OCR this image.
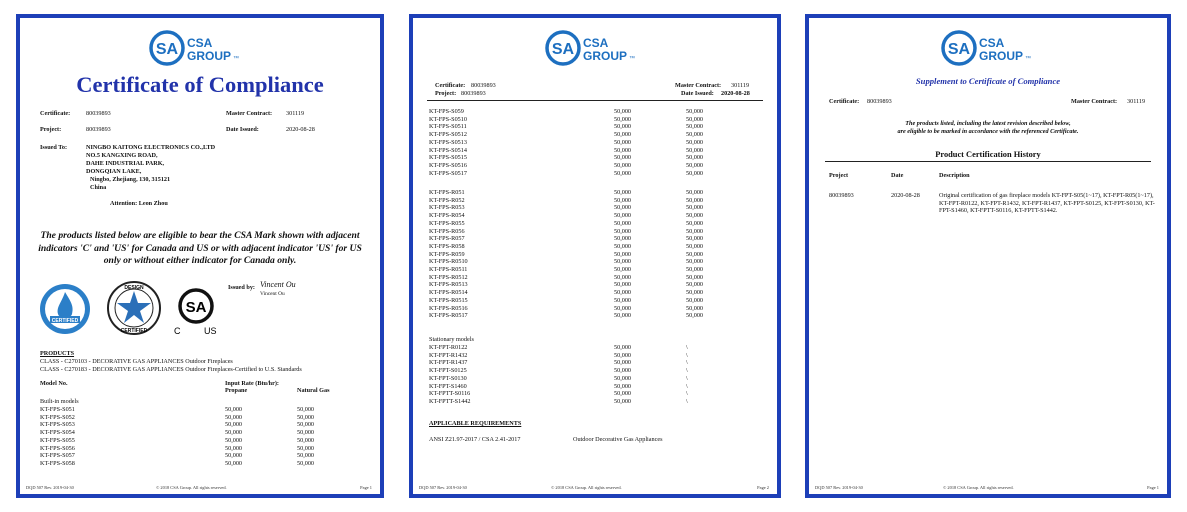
SA CSA
GROUP ™
Certificate of Compliance
Certificate:	80039893	Master Contract: 301119
Project:	80039893	Date Issued:	2020-08-28
Issued To:	NINGBO KAITONG ELECTRONICS CO.,LTD
NO.5 KANGXING ROAD,
DAHE INDUSTRIAL PARK,
DONGQIAN LAKE,
Ningbo, Zhejiang, 130, 315121
China
Attention: Leon Zhou
The products listed below are eligible to bear the CSA Mark shown with adjacent indicators 'C' and 'US' for Canada and US or with adjacent indicator 'US' for US only or without either indicator for Canada only.
CERTIFIED
DESIGN
CERTIFIED
SA
C	US
Issued by: Vincent Ou
Vincent Ou
PRODUCTS
CLASS - C270103 - DECORATIVE GAS APPLIANCES Outdoor Fireplaces
CLASS - C270183 - DECORATIVE GAS APPLIANCES Outdoor Fireplaces-Certified to U.S. Standards
Model No.	Input Rate (Btu/hr):
Propane	Natural Gas
Built-in models
KT-FPS-S051	50,000	50,000
KT-FPS-S052	50,000	50,000
KT-FPS-S053	50,000	50,000
KT-FPS-S054	50,000	50,000
KT-FPS-S055	50,000	50,000
KT-FPS-S056	50,000	50,000
KT-FPS-S057	50,000	50,000
KT-FPS-S058	50,000	50,000
DQD 507 Rev. 2019-04-30	© 2018 CSA Group. All rights reserved.	Page 1
SA CSA
GROUP ™
Certificate: 80039893
Project: 80039893
Master Contract: 301119
Date Issued: 2020-08-28
KT-FPS-S059	50,000	50,000
KT-FPS-S0510	50,000	50,000
KT-FPS-S0511	50,000	50,000
KT-FPS-S0512	50,000	50,000
KT-FPS-S0513	50,000	50,000
KT-FPS-S0514	50,000	50,000
KT-FPS-S0515	50,000	50,000
KT-FPS-S0516	50,000	50,000
KT-FPS-S0517	50,000	50,000
KT-FPS-R051	50,000	50,000
KT-FPS-R052	50,000	50,000
KT-FPS-R053	50,000	50,000
KT-FPS-R054	50,000	50,000
KT-FPS-R055	50,000	50,000
KT-FPS-R056	50,000	50,000
KT-FPS-R057	50,000	50,000
KT-FPS-R058	50,000	50,000
KT-FPS-R059	50,000	50,000
KT-FPS-R0510	50,000	50,000
KT-FPS-R0511	50,000	50,000
KT-FPS-R0512	50,000	50,000
KT-FPS-R0513	50,000	50,000
KT-FPS-R0514	50,000	50,000
KT-FPS-R0515	50,000	50,000
KT-FPS-R0516	50,000	50,000
KT-FPS-R0517	50,000	50,000
Stationary models
KT-FPT-R0122	50,000	\
KT-FPT-R1432	50,000	\
KT-FPT-R1437	50,000	\
KT-FPT-S0125	50,000	\
KT-FPT-S0130	50,000	\
KT-FPT-S1460	50,000	\
KT-FPTT-S0116	50,000	\
KT-FPTT-S1442	50,000	\
APPLICABLE REQUIREMENTS
ANSI Z21.97-2017 / CSA 2.41-2017	Outdoor Decorative Gas Appliances
DQD 507 Rev. 2019-04-30	© 2018 CSA Group. All rights reserved.	Page 2
SA CSA
GROUP ™
Supplement to Certificate of Compliance
Certificate: 80039893	Master Contract: 301119
The products listed, including the latest revision described below,
are eligible to be marked in accordance with the referenced Certificate.
Product Certification History
Project	Date	Description
80039893	2020-08-28	Original certification of gas fireplace models KT-FPT-S05(1~17), KT-FPT-R05(1~17), KT-FPT-R0122, KT-FPT-R1432, KT-FPT-R1437, KT-FPT-S0125, KT-FPT-S0130, KT-FPT-S1460, KT-FPTT-S0116, KT-FPTT-S1442.
DQD 507 Rev. 2019-04-30	© 2018 CSA Group. All rights reserved.	Page 1
